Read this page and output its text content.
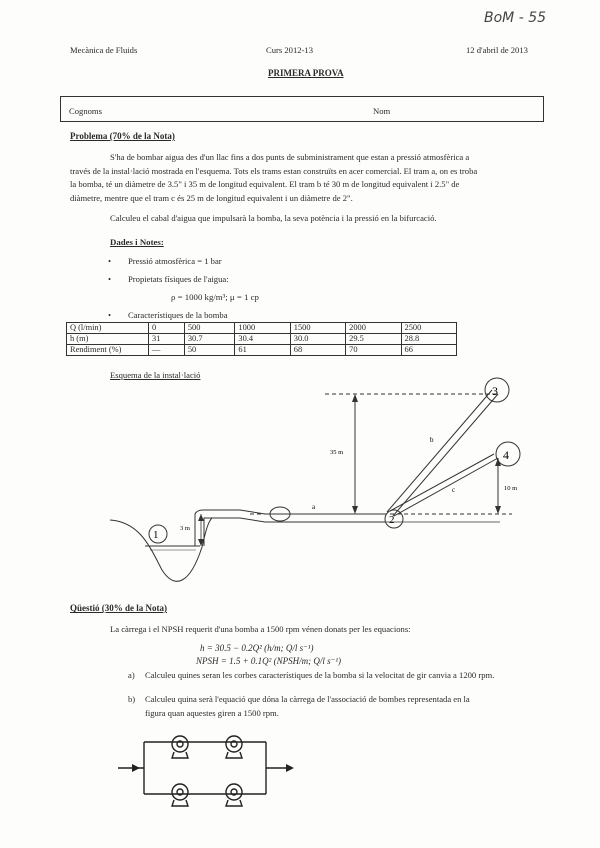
BoM - 55
Mecànica de Fluids	Curs 2012-13	12 d'abril de 2013
PRIMERA PROVA
Cognoms	Nom
Problema (70% de la Nota)
S'ha de bombar aigua des d'un llac fins a dos punts de subministrament que estan a pressió atmosfèrica a
través de la instal·lació mostrada en l'esquema. Tots els trams estan construïts en acer comercial. El tram a, on es troba
la bomba, té un diàmetre de 3.5" i 35 m de longitud equivalent. El tram b té 30 m de longitud equivalent i 2.5" de
diàmetre, mentre que el tram c és 25 m de longitud equivalent i un diàmetre de 2".
Calculeu el cabal d'aigua que impulsarà la bomba, la seva potència i la pressió en la bifurcació.
Dades i Notes:
• Pressió atmosfèrica = 1 bar
• Propietats físiques de l'aigua:
ρ = 1000 kg/m³; μ = 1 cp
• Característiques de la bomba
Q (l/min)	0	500	1000	1500	2000	2500
h (m)	31	30.7	30.4	30.0	29.5	28.8
Rendiment (%)	—	50	61	68	70	66
Esquema de la instal·lació
1
2
3
4
a
b
c
35 m
10 m
3 m
Qüestió (30% de la Nota)
La càrrega i el NPSH requerit d'una bomba a 1500 rpm vénen donats per les equacions:
h = 30.5 − 0.2Q² (h/m; Q/l s⁻¹)
NPSH = 1.5 + 0.1Q² (NPSH/m; Q/l s⁻¹)
a) Calculeu quines seran les corbes característiques de la bomba si la velocitat de gir canvia a 1200 rpm.
b) Calculeu quina serà l'equació que dóna la càrrega de l'associació de bombes representada en la
figura quan aquestes giren a 1500 rpm.
